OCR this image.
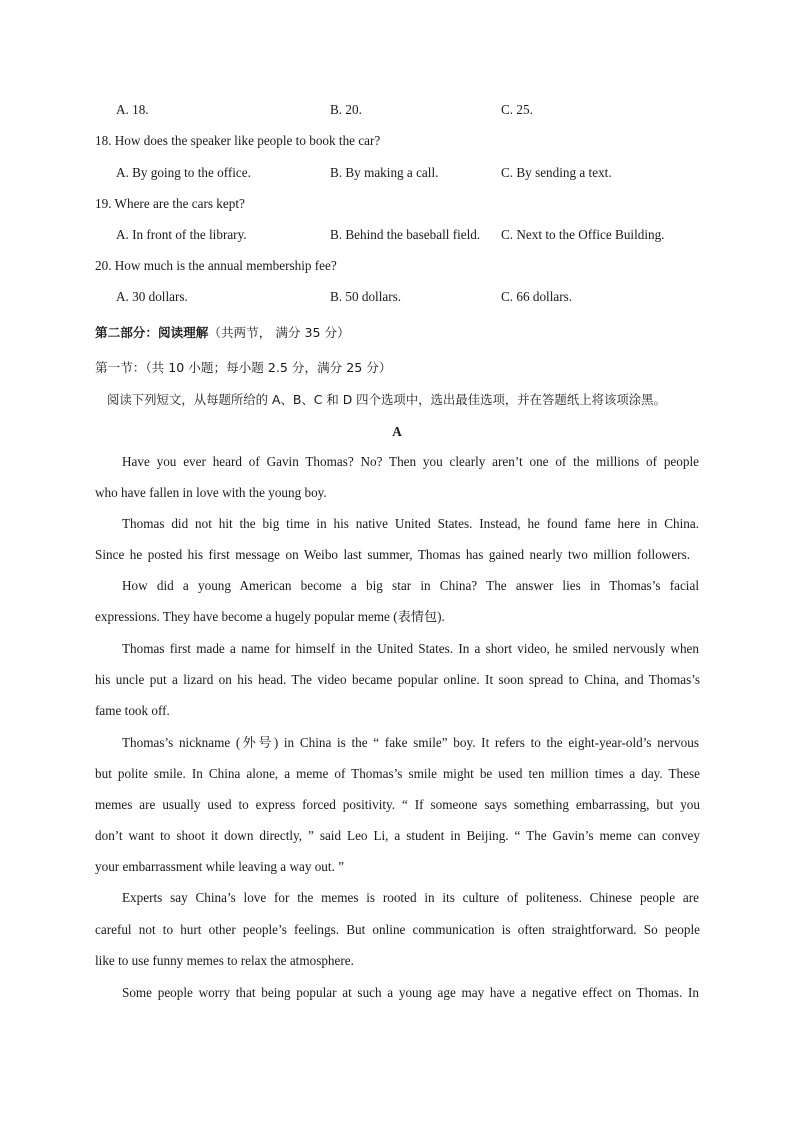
A. 18.	B. 20.	C. 25.
18. How does the speaker like people to book the car?
A. By going to the office.	B. By making a call.	C. By sending a text.
19. Where are the cars kept?
A. In front of the library.	B. Behind the baseball field. C. Next to the Office Building.
20. How much is the annual membership fee?
A. 30 dollars.	B. 50 dollars.	C. 66 dollars.
第二部分：阅读理解（共两节， 满分 35 分）
第一节：（共 10 小题；每小题 2.5 分，满分 25 分）
阅读下列短文，从每题所给的 A、B、C 和 D 四个选项中，选出最佳选项，并在答题纸上将该项涂黑。
A
Have you ever heard of Gavin Thomas? No? Then you clearly aren’t one of the millions of people
who have fallen in love with the young boy.
Thomas did not hit the big time in his native United States. Instead, he found fame here in China.
Since he posted his first message on Weibo last summer, Thomas has gained nearly two million followers.
How did a young American become a big star in China? The answer lies in Thomas’s facial
expressions. They have become a hugely popular meme (表情包).
Thomas first made a name for himself in the United States. In a short video, he smiled nervously when
his uncle put a lizard on his head. The video became popular online. It soon spread to China, and Thomas’s
fame took off.
Thomas’s nickname (外号) in China is the “ fake smile” boy. It refers to the eight-year-old’s nervous
but polite smile. In China alone, a meme of Thomas’s smile might be used ten million times a day. These
memes are usually used to express forced positivity. “ If someone says something embarrassing, but you
don’t want to shoot it down directly, ” said Leo Li, a student in Beijing. “ The Gavin’s meme can convey
your embarrassment while leaving a way out. ”
Experts say China’s love for the memes is rooted in its culture of politeness. Chinese people are
careful not to hurt other people’s feelings. But online communication is often straightforward. So people
like to use funny memes to relax the atmosphere.
Some people worry that being popular at such a young age may have a negative effect on Thomas. In
